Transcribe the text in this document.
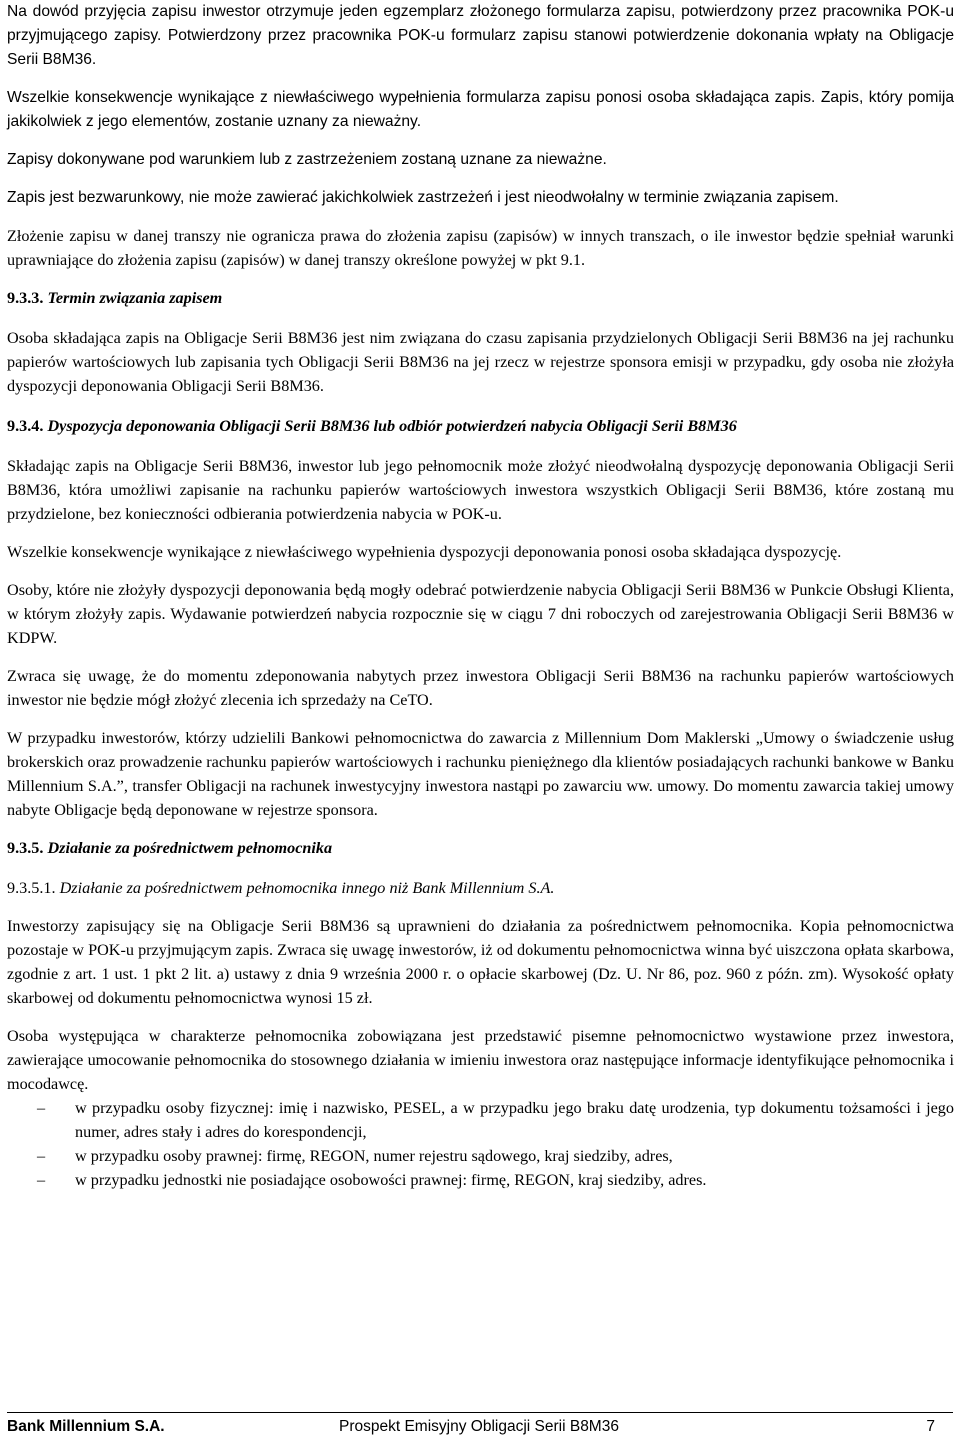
Na dowód przyjęcia zapisu inwestor otrzymuje jeden egzemplarz złożonego formularza zapisu, potwierdzony przez pracownika POK-u przyjmującego zapisy. Potwierdzony przez pracownika POK-u formularz zapisu stanowi potwierdzenie dokonania wpłaty na Obligacje Serii B8M36.

Wszelkie konsekwencje wynikające z niewłaściwego wypełnienia formularza zapisu ponosi osoba składająca zapis. Zapis, który pomija jakikolwiek z jego elementów, zostanie uznany za nieważny.

Zapisy dokonywane pod warunkiem lub z zastrzeżeniem zostaną uznane za nieważne.

Zapis jest bezwarunkowy, nie może zawierać jakichkolwiek zastrzeżeń i jest nieodwołalny w terminie związania zapisem.

Złożenie zapisu w danej transzy nie ogranicza prawa do złożenia zapisu (zapisów) w innych transzach, o ile inwestor będzie spełniał warunki uprawniające do złożenia zapisu (zapisów) w danej transzy określone powyżej w pkt 9.1.

9.3.3. Termin związania zapisem

Osoba składająca zapis na Obligacje Serii B8M36 jest nim związana do czasu zapisania przydzielonych Obligacji Serii B8M36 na jej rachunku papierów wartościowych lub zapisania tych Obligacji Serii B8M36 na jej rzecz w rejestrze sponsora emisji w przypadku, gdy osoba nie złożyła dyspozycji deponowania Obligacji Serii B8M36.

9.3.4. Dyspozycja deponowania Obligacji Serii B8M36 lub odbiór potwierdzeń nabycia Obligacji Serii B8M36

Składając zapis na Obligacje Serii B8M36, inwestor lub jego pełnomocnik może złożyć nieodwołalną dyspozycję deponowania Obligacji Serii B8M36, która umożliwi zapisanie na rachunku papierów wartościowych inwestora wszystkich Obligacji Serii B8M36, które zostaną mu przydzielone, bez konieczności odbierania potwierdzenia nabycia w POK-u.

Wszelkie konsekwencje wynikające z niewłaściwego wypełnienia dyspozycji deponowania ponosi osoba składająca dyspozycję.

Osoby, które nie złożyły dyspozycji deponowania będą mogły odebrać potwierdzenie nabycia Obligacji Serii B8M36 w Punkcie Obsługi Klienta, w którym złożyły zapis. Wydawanie potwierdzeń nabycia rozpocznie się w ciągu 7 dni roboczych od zarejestrowania Obligacji Serii B8M36 w KDPW.

Zwraca się uwagę, że do momentu zdeponowania nabytych przez inwestora Obligacji Serii B8M36 na rachunku papierów wartościowych inwestor nie będzie mógł złożyć zlecenia ich sprzedaży na CeTO.

W przypadku inwestorów, którzy udzielili Bankowi pełnomocnictwa do zawarcia z Millennium Dom Maklerski „Umowy o świadczenie usług brokerskich oraz prowadzenie rachunku papierów wartościowych i rachunku pieniężnego dla klientów posiadających rachunki bankowe w Banku Millennium S.A.”, transfer Obligacji na rachunek inwestycyjny inwestora nastąpi po zawarciu ww. umowy. Do momentu zawarcia takiej umowy nabyte Obligacje będą deponowane w rejestrze sponsora.

9.3.5. Działanie za pośrednictwem pełnomocnika

9.3.5.1. Działanie za pośrednictwem pełnomocnika innego niż Bank Millennium S.A.

Inwestorzy zapisujący się na Obligacje Serii B8M36 są uprawnieni do działania za pośrednictwem pełnomocnika. Kopia pełnomocnictwa pozostaje w POK-u przyjmującym zapis. Zwraca się uwagę inwestorów, iż od dokumentu pełnomocnictwa winna być uiszczona opłata skarbowa, zgodnie z art. 1 ust. 1 pkt 2 lit. a) ustawy z dnia 9 września 2000 r. o opłacie skarbowej (Dz. U. Nr 86, poz. 960 z późn. zm). Wysokość opłaty skarbowej od dokumentu pełnomocnictwa wynosi 15 zł.

Osoba występująca w charakterze pełnomocnika zobowiązana jest przedstawić pisemne pełnomocnictwo wystawione przez inwestora, zawierające umocowanie pełnomocnika do stosownego działania w imieniu inwestora oraz następujące informacje identyfikujące pełnomocnika i mocodawcę.

– w przypadku osoby fizycznej: imię i nazwisko, PESEL, a w przypadku jego braku datę urodzenia, typ dokumentu tożsamości i jego numer, adres stały i adres do korespondencji,
– w przypadku osoby prawnej: firmę, REGON, numer rejestru sądowego, kraj siedziby, adres,
– w przypadku jednostki nie posiadające osobowości prawnej: firmę, REGON, kraj siedziby, adres.
Bank Millennium S.A.	Prospekt Emisyjny Obligacji Serii B8M36	7
